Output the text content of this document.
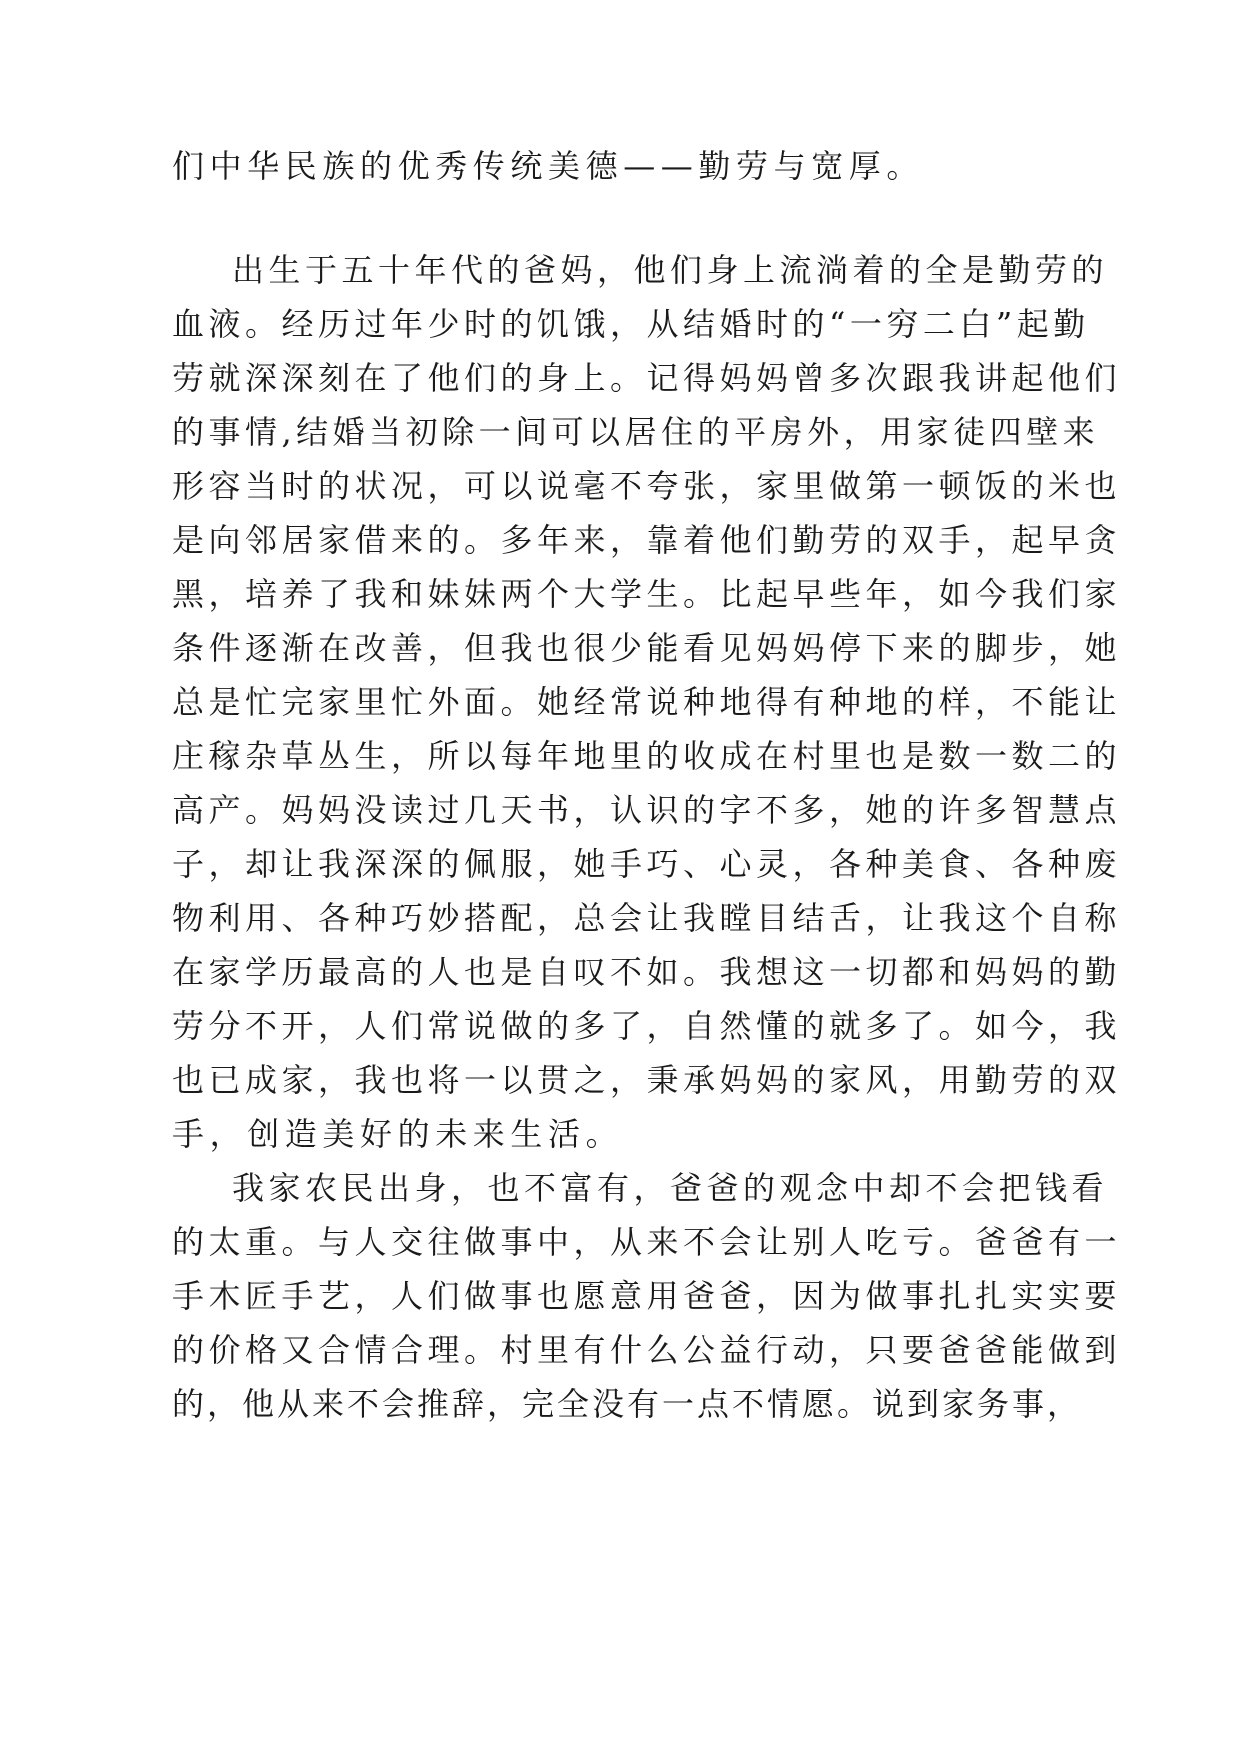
们中华民族的优秀传统美德——勤劳与宽厚。
出生于五十年代的爸妈，他们身上流淌着的全是勤劳的
血液。经历过年少时的饥饿，从结婚时的“一穷二白”起勤
劳就深深刻在了他们的身上。记得妈妈曾多次跟我讲起他们
的事情,结婚当初除一间可以居住的平房外，用家徒四壁来
形容当时的状况，可以说毫不夸张，家里做第一顿饭的米也
是向邻居家借来的。多年来，靠着他们勤劳的双手，起早贪
黑，培养了我和妹妹两个大学生。比起早些年，如今我们家
条件逐渐在改善，但我也很少能看见妈妈停下来的脚步，她
总是忙完家里忙外面。她经常说种地得有种地的样，不能让
庄稼杂草丛生，所以每年地里的收成在村里也是数一数二的
高产。妈妈没读过几天书，认识的字不多，她的许多智慧点
子，却让我深深的佩服，她手巧、心灵，各种美食、各种废
物利用、各种巧妙搭配，总会让我瞠目结舌，让我这个自称
在家学历最高的人也是自叹不如。我想这一切都和妈妈的勤
劳分不开，人们常说做的多了，自然懂的就多了。如今，我
也已成家，我也将一以贯之，秉承妈妈的家风，用勤劳的双
手，创造美好的未来生活。
我家农民出身，也不富有，爸爸的观念中却不会把钱看
的太重。与人交往做事中，从来不会让别人吃亏。爸爸有一
手木匠手艺，人们做事也愿意用爸爸，因为做事扎扎实实要
的价格又合情合理。村里有什么公益行动，只要爸爸能做到
的，他从来不会推辞，完全没有一点不情愿。说到家务事，
